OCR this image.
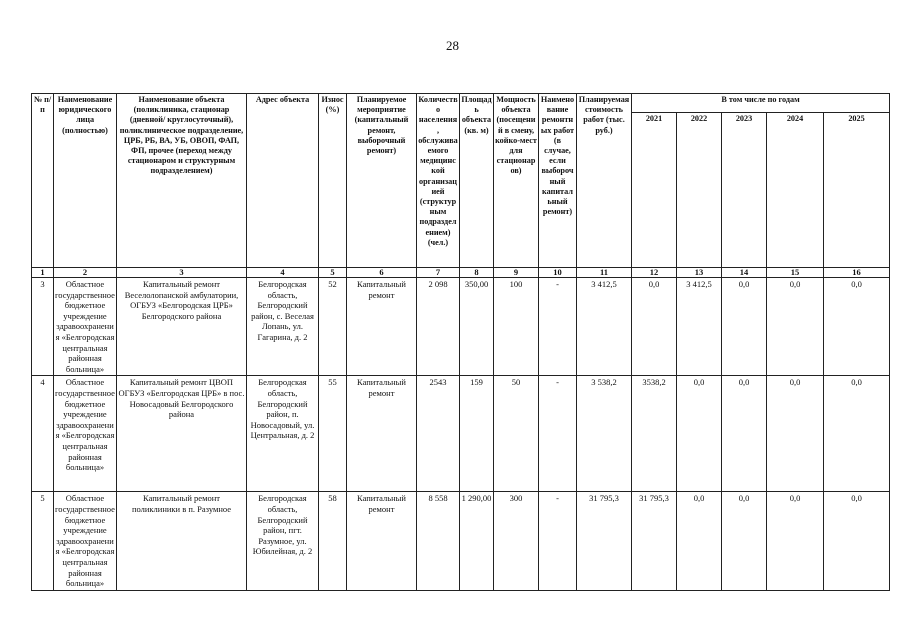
28
№ п/п	Наименование юридического лица (полностью)	Наименование объекта (поликлиника, стационар (дневной/ круглосуточный), поликлиническое подразделение, ЦРБ, РБ, ВА, УБ, ОВОП, ФАП, ФП, прочее (переход между стационаром и структурным подразделением)	Адрес объекта	Износ (%)	Планируемое мероприятие (капитальный ремонт, выборочный ремонт)	Количество населения, обслуживаемого медицинской организацией (структурным подразделением) (чел.)	Площадь объекта (кв. м)	Мощность объекта (посещений в смену, койко-мест для стационаров)	Наименование ремонтных работ (в случае, если выборочный капитальный ремонт)	Планируемая стоимость работ (тыс. руб.)	В том числе по годам				
											2021	2022	2023	2024	2025
1	2	3	4	5	6	7	8	9	10	11	12	13	14	15	16
3	Областное государственное бюджетное учреждение здравоохранения «Белгородская центральная районная больница»	Капитальный ремонт Веселолопанской амбулатории, ОГБУЗ «Белгородская ЦРБ» Белгородского района	Белгородская область, Белгородский район, с. Веселая Лопань, ул. Гагарина, д. 2	52	Капитальный ремонт	2 098	350,00	100	-	3 412,5	0,0	3 412,5	0,0	0,0	0,0
4	Областное государственное бюджетное учреждение здравоохранения «Белгородская центральная районная больница»	Капитальный ремонт ЦВОП ОГБУЗ «Белгородская ЦРБ» в пос. Новосадовый Белгородского района	Белгородская область, Белгородский район, п. Новосадовый, ул. Центральная, д. 2	55	Капитальный ремонт	2543	159	50	-	3 538,2	3538,2	0,0	0,0	0,0	0,0
5	Областное государственное бюджетное учреждение здравоохранения «Белгородская центральная районная больница»	Капитальный ремонт поликлиники в п. Разумное	Белгородская область, Белгородский район, пгт. Разумное, ул. Юбилейная, д. 2	58	Капитальный ремонт	8 558	1 290,00	300	-	31 795,3	31 795,3	0,0	0,0	0,0	0,0
